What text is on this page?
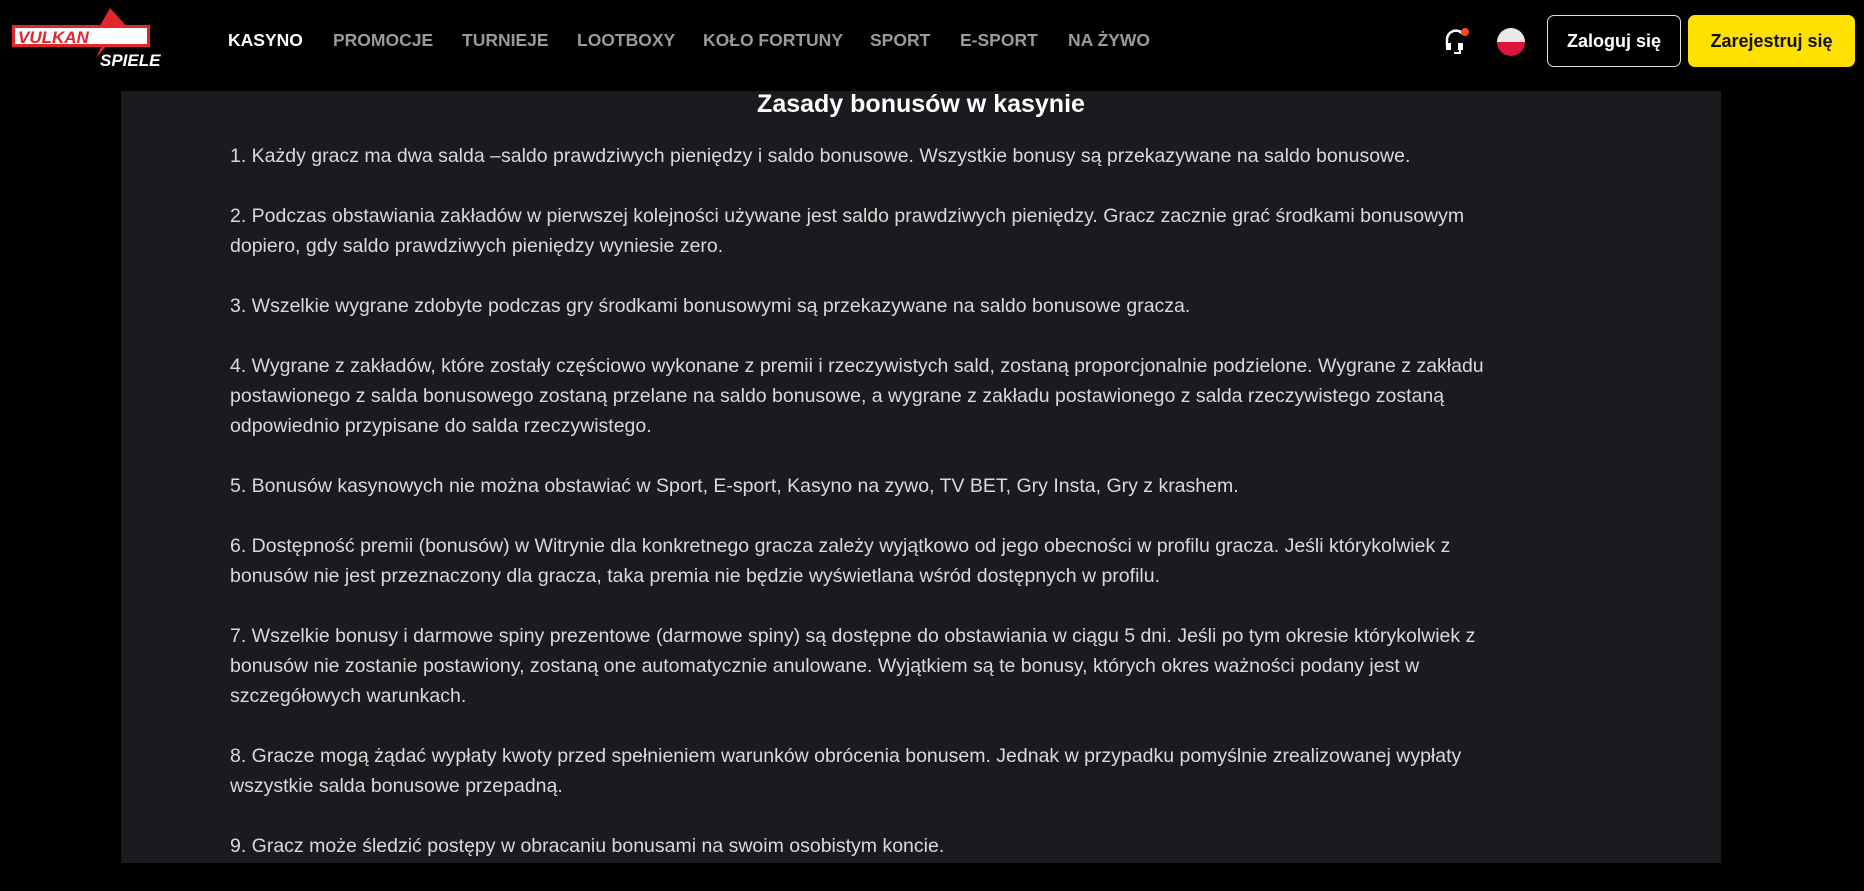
VULKAN
SPIELE
KASYNO PROMOCJE TURNIEJE LOOTBOXY KOŁO FORTUNY SPORT E-SPORT NA ŻYWO	Zaloguj się	Zarejestruj się
Zasady bonusów w kasynie
1. Każdy gracz ma dwa salda –saldo prawdziwych pieniędzy i saldo bonusowe. Wszystkie bonusy są przekazywane na saldo bonusowe.
2. Podczas obstawiania zakładów w pierwszej kolejności używane jest saldo prawdziwych pieniędzy. Gracz zacznie grać środkami bonusowym
dopiero, gdy saldo prawdziwych pieniędzy wyniesie zero.
3. Wszelkie wygrane zdobyte podczas gry środkami bonusowymi są przekazywane na saldo bonusowe gracza.
4. Wygrane z zakładów, które zostały częściowo wykonane z premii i rzeczywistych sald, zostaną proporcjonalnie podzielone. Wygrane z zakładu
postawionego z salda bonusowego zostaną przelane na saldo bonusowe, a wygrane z zakładu postawionego z salda rzeczywistego zostaną
odpowiednio przypisane do salda rzeczywistego.
5. Bonusów kasynowych nie można obstawiać w Sport, E-sport, Kasyno na zywo, TV BET, Gry Insta, Gry z krashem.
6. Dostępność premii (bonusów) w Witrynie dla konkretnego gracza zależy wyjątkowo od jego obecności w profilu gracza. Jeśli którykolwiek z
bonusów nie jest przeznaczony dla gracza, taka premia nie będzie wyświetlana wśród dostępnych w profilu.
7. Wszelkie bonusy i darmowe spiny prezentowe (darmowe spiny) są dostępne do obstawiania w ciągu 5 dni. Jeśli po tym okresie którykolwiek z
bonusów nie zostanie postawiony, zostaną one automatycznie anulowane. Wyjątkiem są te bonusy, których okres ważności podany jest w
szczegółowych warunkach.
8. Gracze mogą żądać wypłaty kwoty przed spełnieniem warunków obrócenia bonusem. Jednak w przypadku pomyślnie zrealizowanej wypłaty
wszystkie salda bonusowe przepadną.
9. Gracz może śledzić postępy w obracaniu bonusami na swoim osobistym koncie.
